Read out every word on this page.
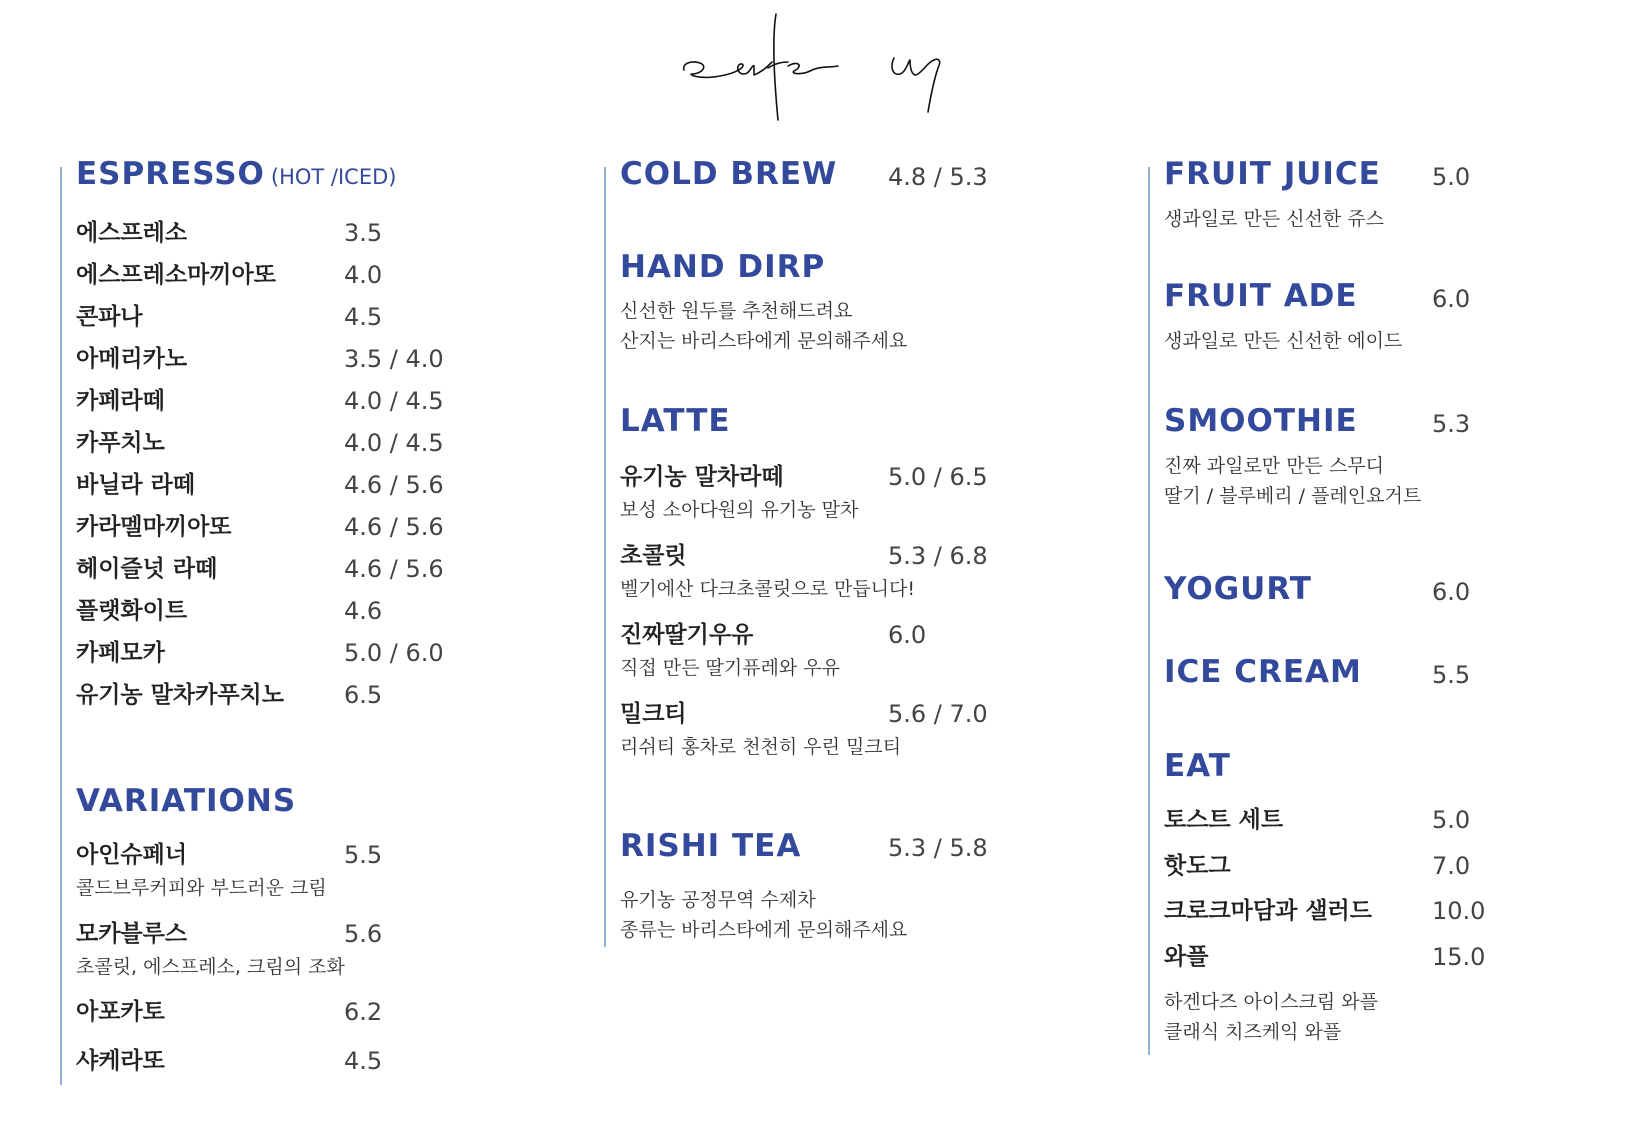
ESPRESSO (HOT /ICED)
에스프레소	3.5
에스프레소마끼아또	4.0
콘파나	4.5
아메리카노	3.5 / 4.0
카페라떼	4.0 / 4.5
카푸치노	4.0 / 4.5
바닐라 라떼	4.6 / 5.6
카라멜마끼아또	4.6 / 5.6
헤이즐넛 라떼	4.6 / 5.6
플랫화이트	4.6
카페모카	5.0 / 6.0
유기농 말차카푸치노	6.5
VARIATIONS
아인슈페너	5.5
콜드브루커피와 부드러운 크림
모카블루스	5.6
초콜릿, 에스프레소, 크림의 조화
아포카토	6.2
샤케라또	4.5
COLD BREW 4.8 / 5.3
HAND DIRP
신선한 원두를 추천해드려요
산지는 바리스타에게 문의해주세요
LATTE
유기농 말차라떼	5.0 / 6.5
보성 소아다원의 유기농 말차
초콜릿	5.3 / 6.8
벨기에산 다크초콜릿으로 만듭니다!
진짜딸기우유	6.0
직접 만든 딸기퓨레와 우유
밀크티	5.6 / 7.0
리쉬티 홍차로 천천히 우린 밀크티
RISHI TEA	5.3 / 5.8
유기농 공정무역 수제차
종류는 바리스타에게 문의해주세요
FRUIT JUICE 5.0
생과일로 만든 신선한 쥬스
FRUIT ADE	6.0
생과일로 만든 신선한 에이드
SMOOTHIE	5.3
진짜 과일로만 만든 스무디
딸기 / 블루베리 / 플레인요거트
YOGURT	6.0
ICE CREAM	5.5
EAT
토스트 세트	5.0
핫도그	7.0
크로크마담과 샐러드	10.0
와플	15.0
하겐다즈 아이스크림 와플
클래식 치즈케익 와플
